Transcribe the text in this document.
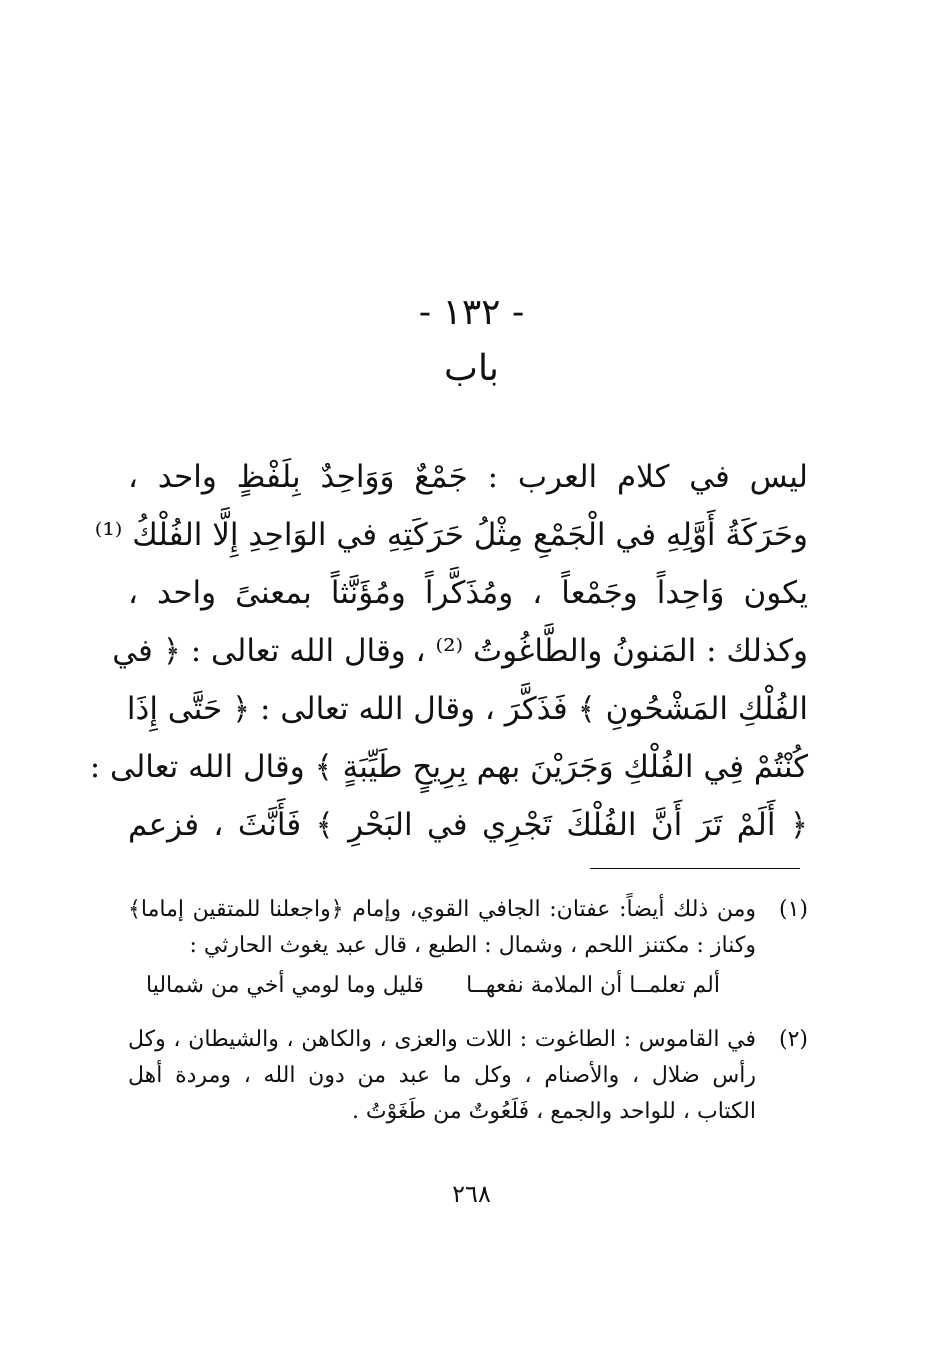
- ١٣٢ -
باب
ليس في كلام العرب : جَمْعٌ وَوَاحِدٌ بِلَفْظٍ واحد ،
وحَرَكَةُ أَوَّلِهِ في الْجَمْعِ مِثْلُ حَرَكَتِهِ في الوَاحِدِ إِلَّا الفُلْكُ ⁽¹⁾
يكون وَاحِداً وجَمْعاً ، ومُذَكَّراً ومُؤَنَّثاً بمعنىً واحد ،
وكذلك : المَنونُ والطَّاغُوتُ ⁽²⁾ ، وقال الله تعالى : ﴿ في
الفُلْكِ المَشْحُونِ ﴾ فَذَكَّرَ ، وقال الله تعالى : ﴿ حَتَّى إِذَا
كُنْتُمْ فِي الفُلْكِ وَجَرَيْنَ بهم بِرِيحٍ طَيِّبَةٍ ﴾ وقال الله تعالى :
﴿ أَلَمْ تَرَ أَنَّ الفُلْكَ تَجْرِي في البَحْرِ ﴾ فَأَنَّثَ ، فزعم
(١)
ومن ذلك أيضاً: عفتان: الجافي القوي، وإمام ﴿واجعلنا للمتقين إماما﴾
وكناز : مكتنز اللحم ، وشمال : الطبع ، قال عبد يغوث الحارثي :
ألم تعلمــا أن الملامة نفعهــا
قليل وما لومي أخي من شماليا
(٢)
في القاموس : الطاغوت : اللات والعزى ، والكاهن ، والشيطان ، وكل
رأس ضلال ، والأصنام ، وكل ما عبد من دون الله ، ومردة أهل
الكتاب ، للواحد والجمع ، فَلَعُوتٌ من طَغَوْتُ .
٢٦٨
